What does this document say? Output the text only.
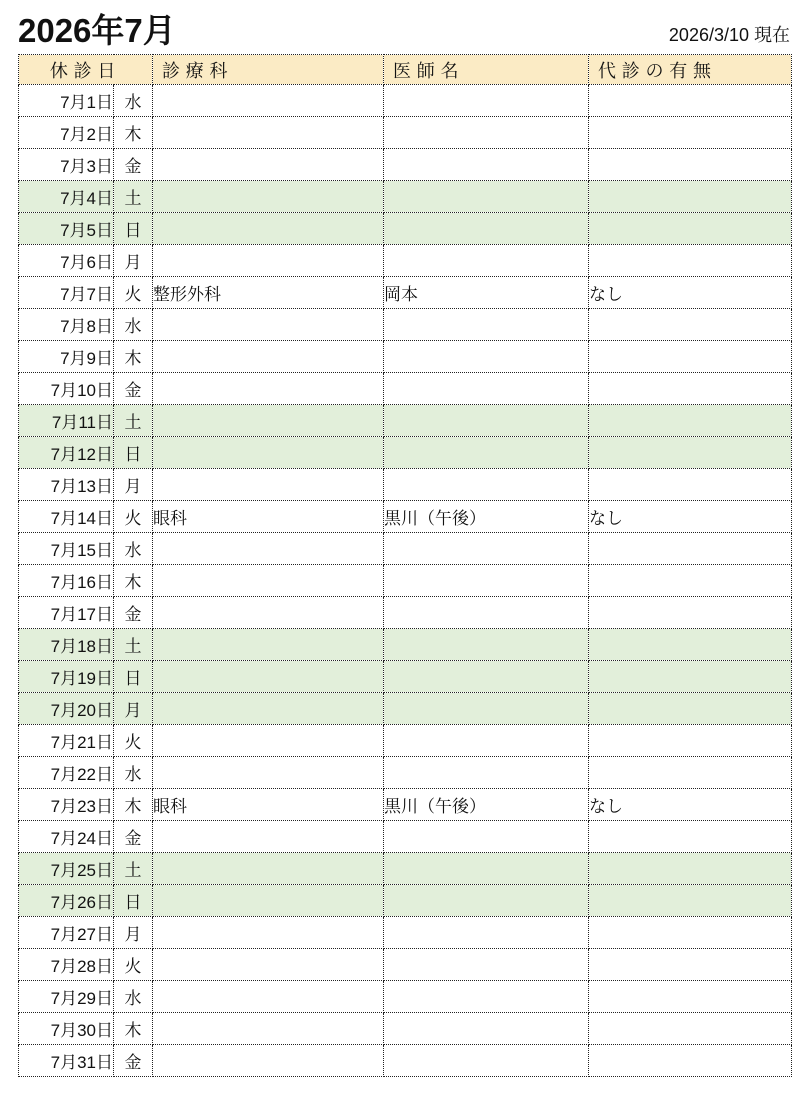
2026年7月	2026/3/10 現在
休診日		診療科	医師名	代診の有無
7月1日	水			
7月2日	木			
7月3日	金			
7月4日	土			
7月5日	日			
7月6日	月			
7月7日	火	整形外科	岡本	なし
7月8日	水			
7月9日	木			
7月10日	金			
7月11日	土			
7月12日	日			
7月13日	月			
7月14日	火	眼科	黒川（午後）	なし
7月15日	水			
7月16日	木			
7月17日	金			
7月18日	土			
7月19日	日			
7月20日	月			
7月21日	火			
7月22日	水			
7月23日	木	眼科	黒川（午後）	なし
7月24日	金			
7月25日	土			
7月26日	日			
7月27日	月			
7月28日	火			
7月29日	水			
7月30日	木			
7月31日	金			
